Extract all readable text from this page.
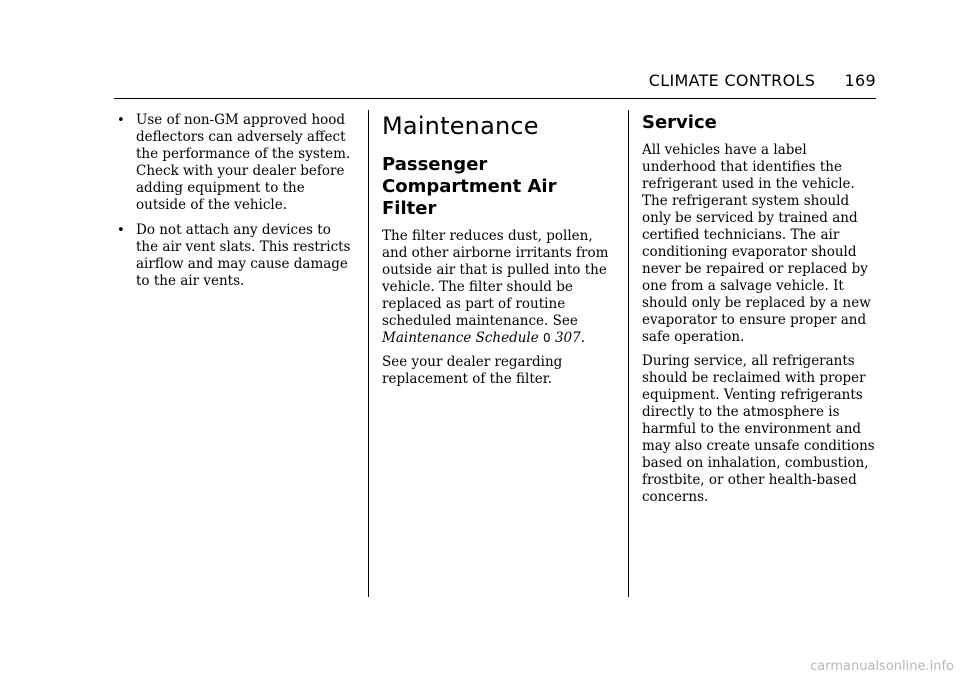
CLIMATE CONTROLS 169
• Use of non-GM approved hood deflectors can adversely affect the performance of the system. Check with your dealer before adding equipment to the outside of the vehicle.
• Do not attach any devices to the air vent slats. This restricts airflow and may cause damage to the air vents.
Maintenance
Passenger Compartment Air Filter

The filter reduces dust, pollen, and other airborne irritants from outside air that is pulled into the vehicle. The filter should be replaced as part of routine scheduled maintenance. See Maintenance Schedule 0 307.

See your dealer regarding replacement of the filter.

Service

All vehicles have a label underhood that identifies the refrigerant used in the vehicle. The refrigerant system should only be serviced by trained and certified technicians. The air conditioning evaporator should never be repaired or replaced by one from a salvage vehicle. It should only be replaced by a new evaporator to ensure proper and safe operation.

During service, all refrigerants should be reclaimed with proper equipment. Venting refrigerants directly to the atmosphere is harmful to the environment and may also create unsafe conditions based on inhalation, combustion, frostbite, or other health-based concerns.

carmanualsonline.info
